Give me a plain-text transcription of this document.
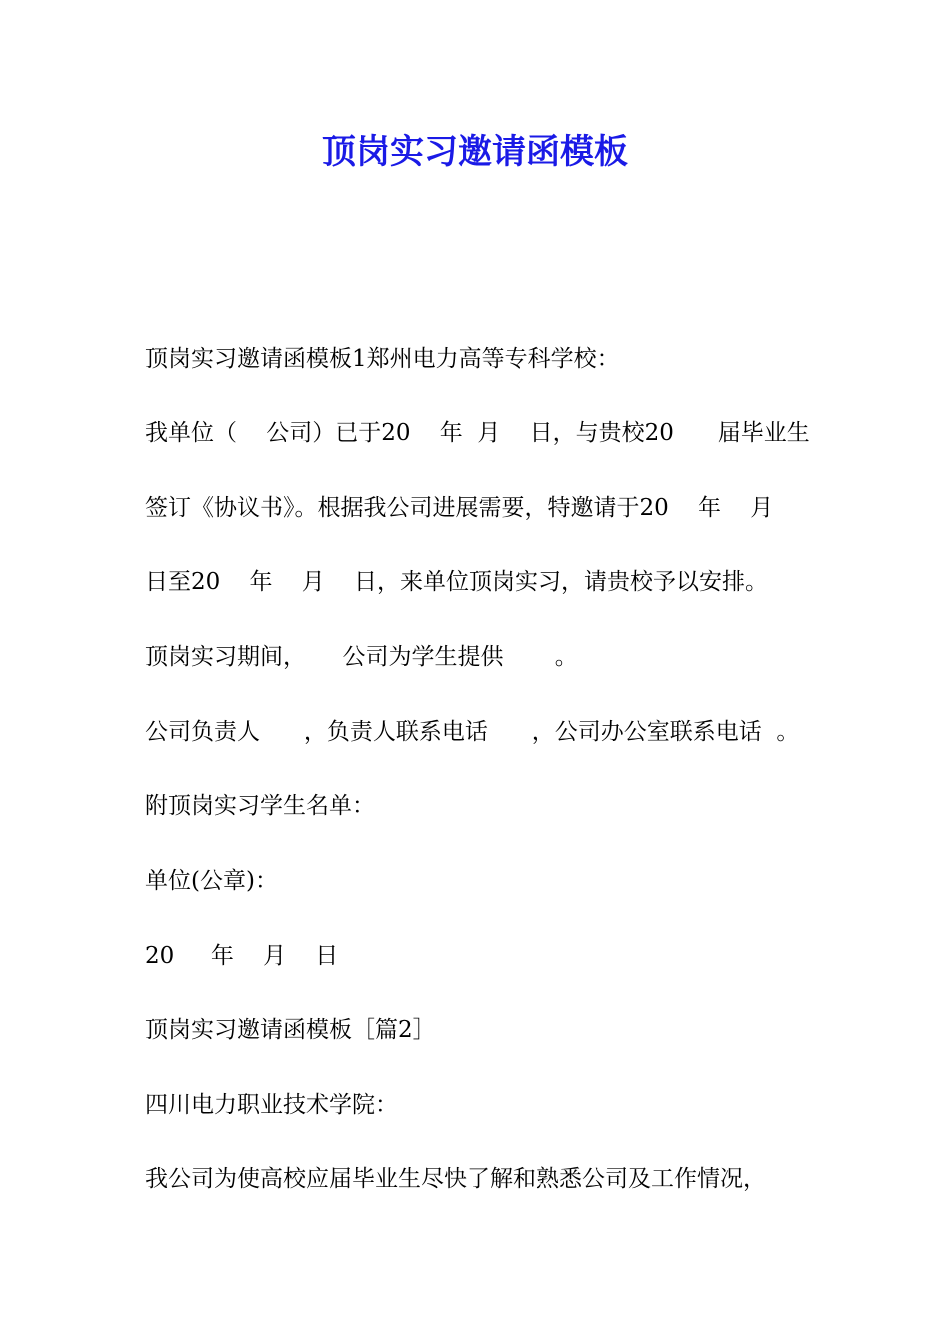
顶岗实习邀请函模板

顶岗实习邀请函模板1郑州电力高等专科学校：

我单位（    公司）已于20    年  月    日，与贵校20      届毕业生

签订《协议书》。根据我公司进展需要，特邀请于20    年    月

日至20    年    月    日，来单位顶岗实习，请贵校予以安排。

顶岗实习期间，     公司为学生提供       。

公司负责人      ，负责人联系电话      ，公司办公室联系电话  。

附顶岗实习学生名单：

单位(公章)：

20     年    月    日

顶岗实习邀请函模板［篇2］

四川电力职业技术学院：

我公司为使高校应届毕业生尽快了解和熟悉公司及工作情况，
